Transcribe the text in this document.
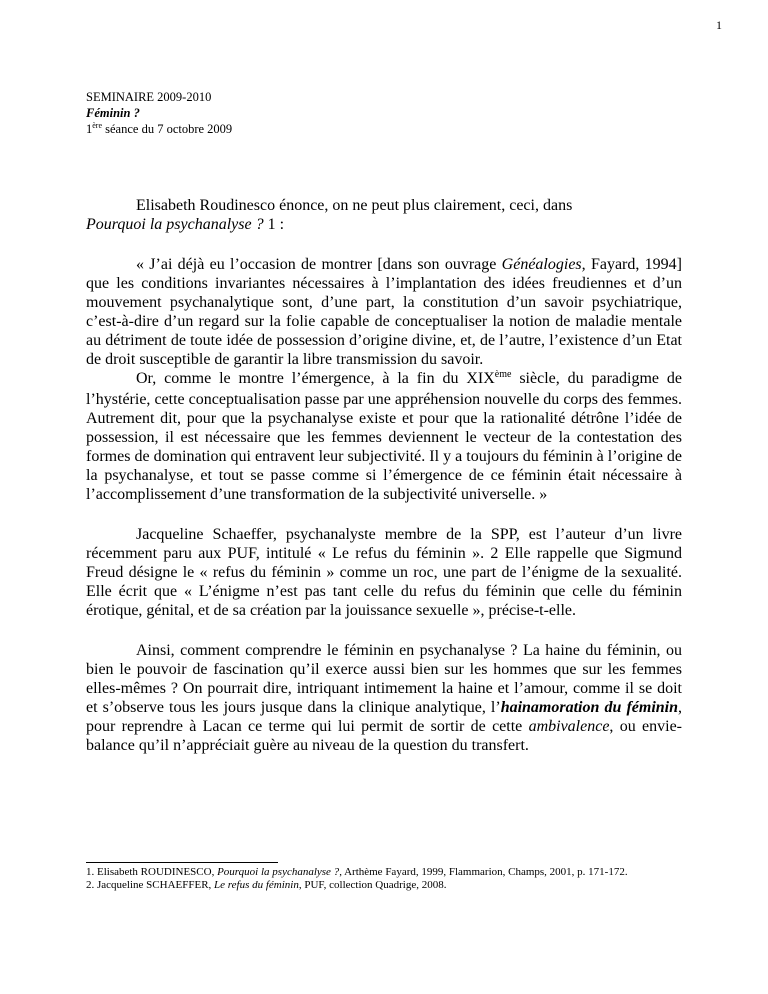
1
SEMINAIRE 2009-2010
Féminin ?
1ère séance du 7 octobre 2009

Elisabeth Roudinesco énonce, on ne peut plus clairement, ceci, dans
Pourquoi la psychanalyse ? 1 :

« J’ai déjà eu l’occasion de montrer [dans son ouvrage Généalogies, Fayard, 1994] que les conditions invariantes nécessaires à l’implantation des idées freudiennes et d’un mouvement psychanalytique sont, d’une part, la constitution d’un savoir psychiatrique, c’est-à-dire d’un regard sur la folie capable de conceptualiser la notion de maladie mentale au détriment de toute idée de possession d’origine divine, et, de l’autre, l’existence d’un Etat de droit susceptible de garantir la libre transmission du savoir.

Or, comme le montre l’émergence, à la fin du XIXème siècle, du paradigme de l’hystérie, cette conceptualisation passe par une appréhension nouvelle du corps des femmes. Autrement dit, pour que la psychanalyse existe et pour que la rationalité détrône l’idée de possession, il est nécessaire que les femmes deviennent le vecteur de la contestation des formes de domination qui entravent leur subjectivité. Il y a toujours du féminin à l’origine de la psychanalyse, et tout se passe comme si l’émergence de ce féminin était nécessaire à l’accomplissement d’une transformation de la subjectivité universelle. »

Jacqueline Schaeffer, psychanalyste membre de la SPP, est l’auteur d’un livre récemment paru aux PUF, intitulé « Le refus du féminin ». 2 Elle rappelle que Sigmund Freud désigne le « refus du féminin » comme un roc, une part de l’énigme de la sexualité. Elle écrit que « L’énigme n’est pas tant celle du refus du féminin que celle du féminin érotique, génital, et de sa création par la jouissance sexuelle », précise-t-elle.

Ainsi, comment comprendre le féminin en psychanalyse ? La haine du féminin, ou bien le pouvoir de fascination qu’il exerce aussi bien sur les hommes que sur les femmes elles-mêmes ? On pourrait dire, intriquant intimement la haine et l’amour, comme il se doit et s’observe tous les jours jusque dans la clinique analytique, l’hainamoration du féminin, pour reprendre à Lacan ce terme qui lui permit de sortir de cette ambivalence, ou envie-balance qu’il n’appréciait guère au niveau de la question du transfert.

1. Elisabeth ROUDINESCO, Pourquoi la psychanalyse ?, Arthème Fayard, 1999, Flammarion, Champs, 2001, p. 171-172.
2. Jacqueline SCHAEFFER, Le refus du féminin, PUF, collection Quadrige, 2008.
